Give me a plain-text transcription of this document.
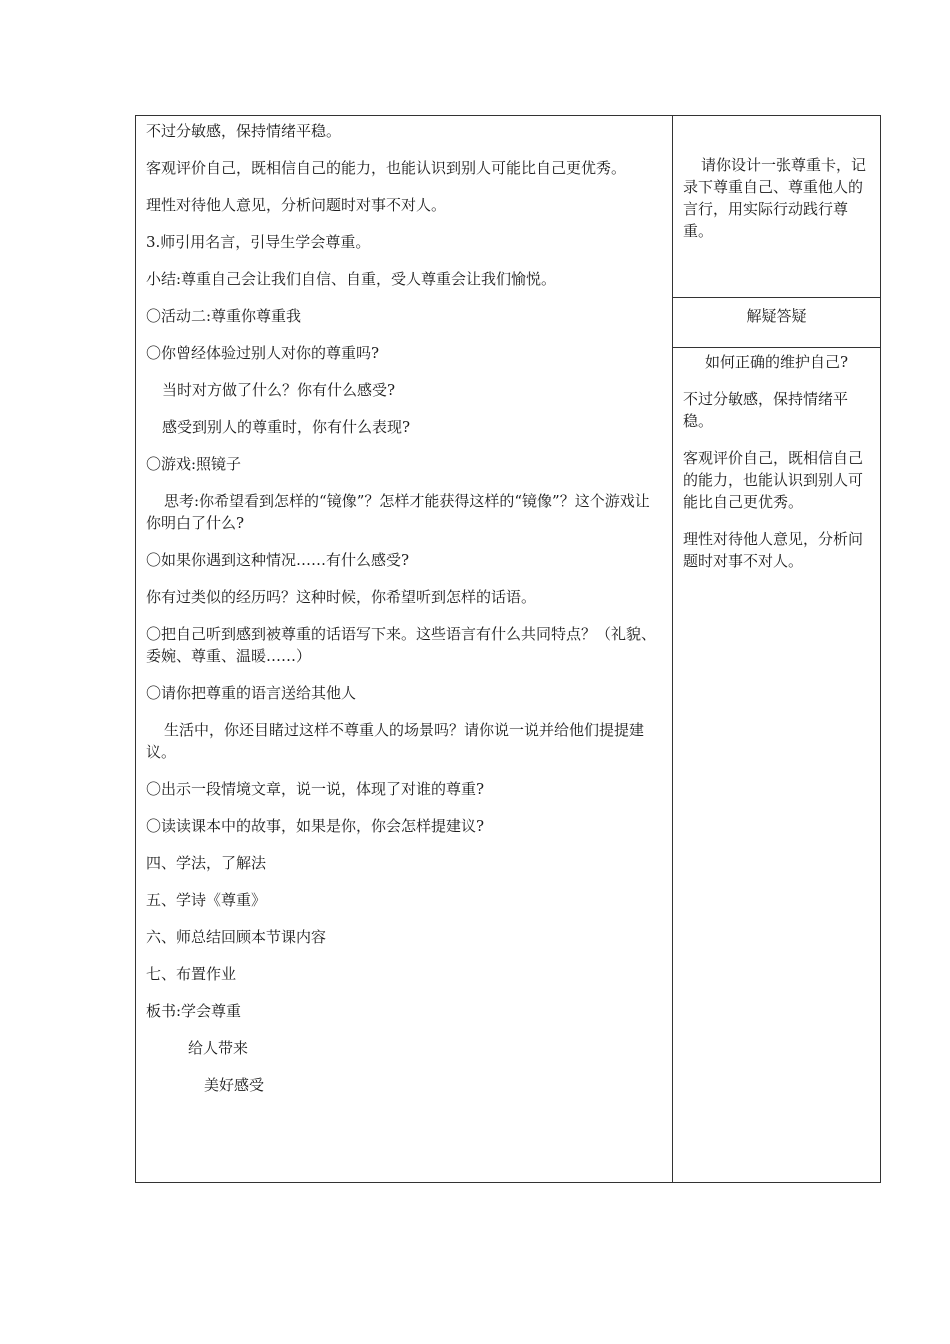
不过分敏感，保持情绪平稳。

客观评价自己，既相信自己的能力，也能认识到别人可能比自己更优秀。

理性对待他人意见，分析问题时对事不对人。

3.师引用名言，引导生学会尊重。

小结:尊重自己会让我们自信、自重，受人尊重会让我们愉悦。

〇活动二:尊重你尊重我

〇你曾经体验过别人对你的尊重吗?

当时对方做了什么？你有什么感受?

感受到别人的尊重时，你有什么表现?

〇游戏:照镜子

思考:你希望看到怎样的“镜像”？怎样才能获得这样的“镜像”？这个游戏让你明白了什么?

〇如果你遇到这种情况……有什么感受?

你有过类似的经历吗？这种时候，你希望听到怎样的话语。

〇把自己听到感到被尊重的话语写下来。这些语言有什么共同特点？（礼貌、委婉、尊重、温暖……）

〇请你把尊重的语言送给其他人

生活中，你还目睹过这样不尊重人的场景吗？请你说一说并给他们提提建议。

〇出示一段情境文章，说一说，体现了对谁的尊重?

〇读读课本中的故事，如果是你，你会怎样提建议?

四、学法，了解法

五、学诗《尊重》

六、师总结回顾本节课内容

七、布置作业

板书:学会尊重

给人带来

美好感受

请你设计一张尊重卡，记录下尊重自己、尊重他人的言行，用实际行动践行尊重。

解疑答疑

如何正确的维护自己?

不过分敏感，保持情绪平稳。

客观评价自己，既相信自己的能力，也能认识到别人可能比自己更优秀。

理性对待他人意见，分析问题时对事不对人。
